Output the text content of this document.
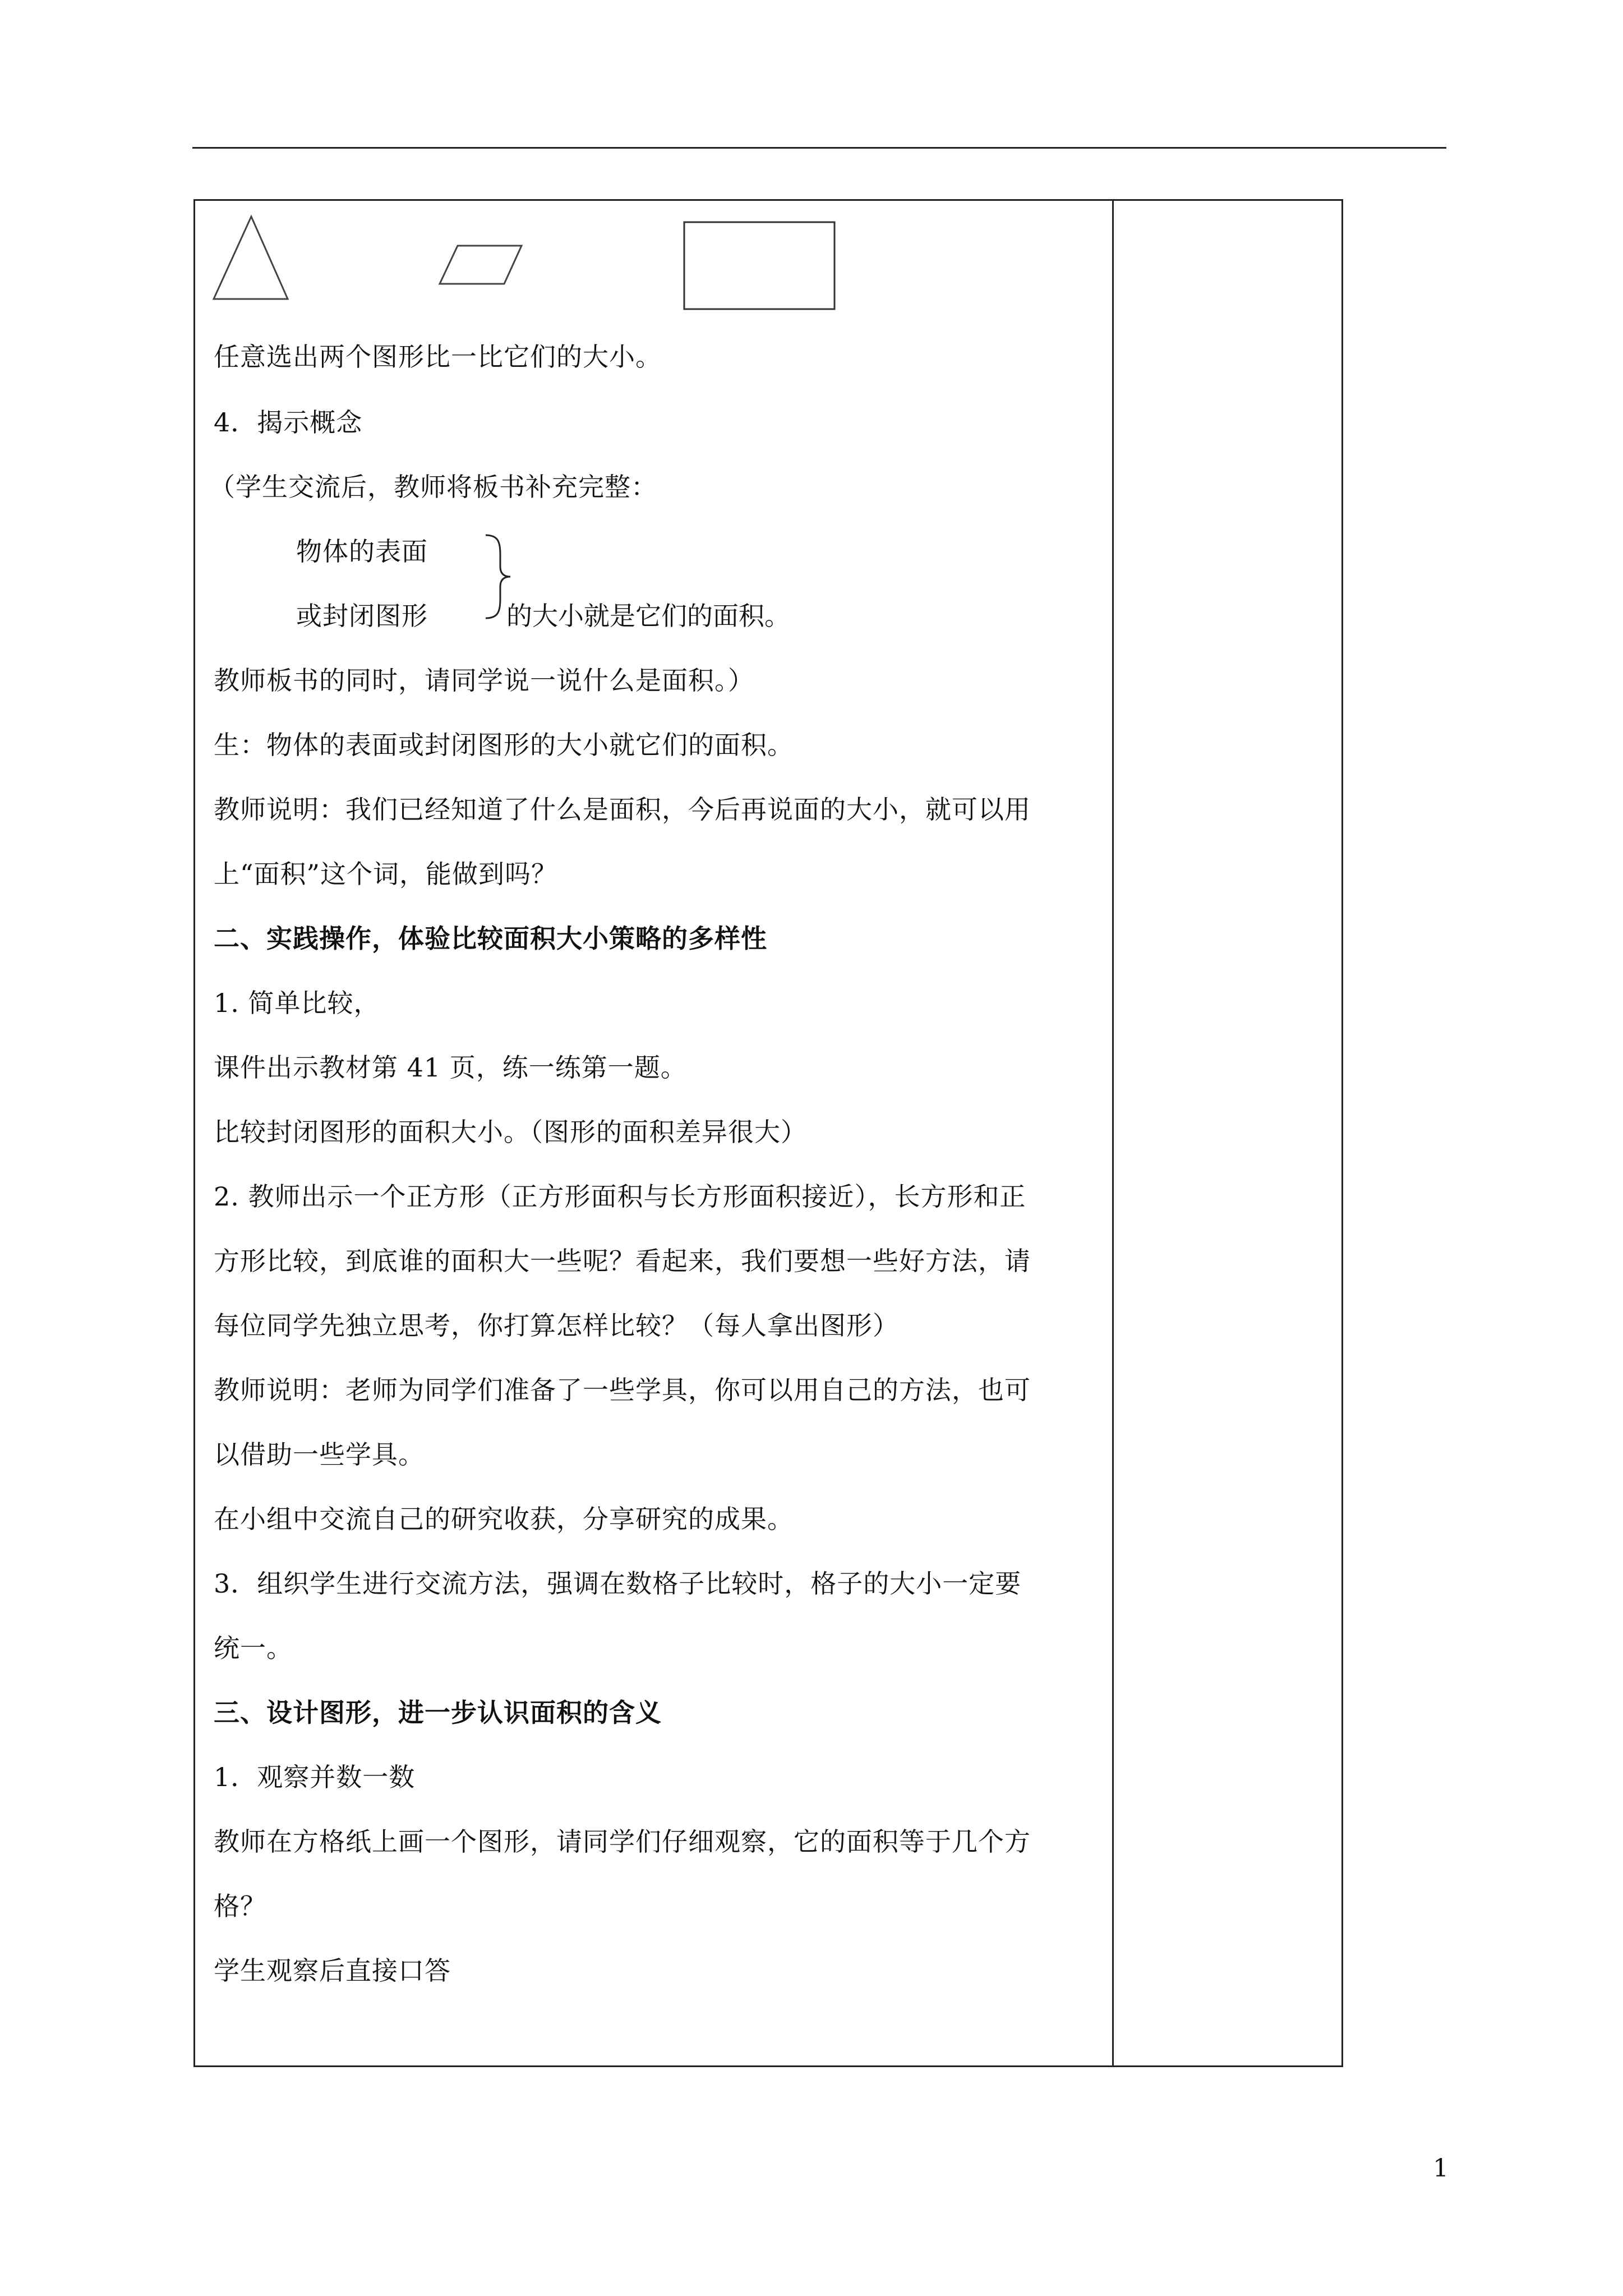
任意选出两个图形比一比它们的大小。
4．揭示概念
（学生交流后，教师将板书补充完整：
物体的表面
或封闭图形	的大小就是它们的面积。
教师板书的同时，请同学说一说什么是面积。）
生：物体的表面或封闭图形的大小就它们的面积。
教师说明：我们已经知道了什么是面积，今后再说面的大小，就可以用
上“面积”这个词，能做到吗？
二、实践操作，体验比较面积大小策略的多样性
1. 简单比较，
课件出示教材第 41 页，练一练第一题。
比较封闭图形的面积大小。（图形的面积差异很大）
2. 教师出示一个正方形（正方形面积与长方形面积接近），长方形和正
方形比较，到底谁的面积大一些呢？看起来，我们要想一些好方法，请
每位同学先独立思考，你打算怎样比较？（每人拿出图形）
教师说明：老师为同学们准备了一些学具，你可以用自己的方法，也可
以借助一些学具。
在小组中交流自己的研究收获，分享研究的成果。
3．组织学生进行交流方法，强调在数格子比较时，格子的大小一定要
统一。
三、设计图形，进一步认识面积的含义
1．观察并数一数
教师在方格纸上画一个图形，请同学们仔细观察，它的面积等于几个方
格？
学生观察后直接口答
1
